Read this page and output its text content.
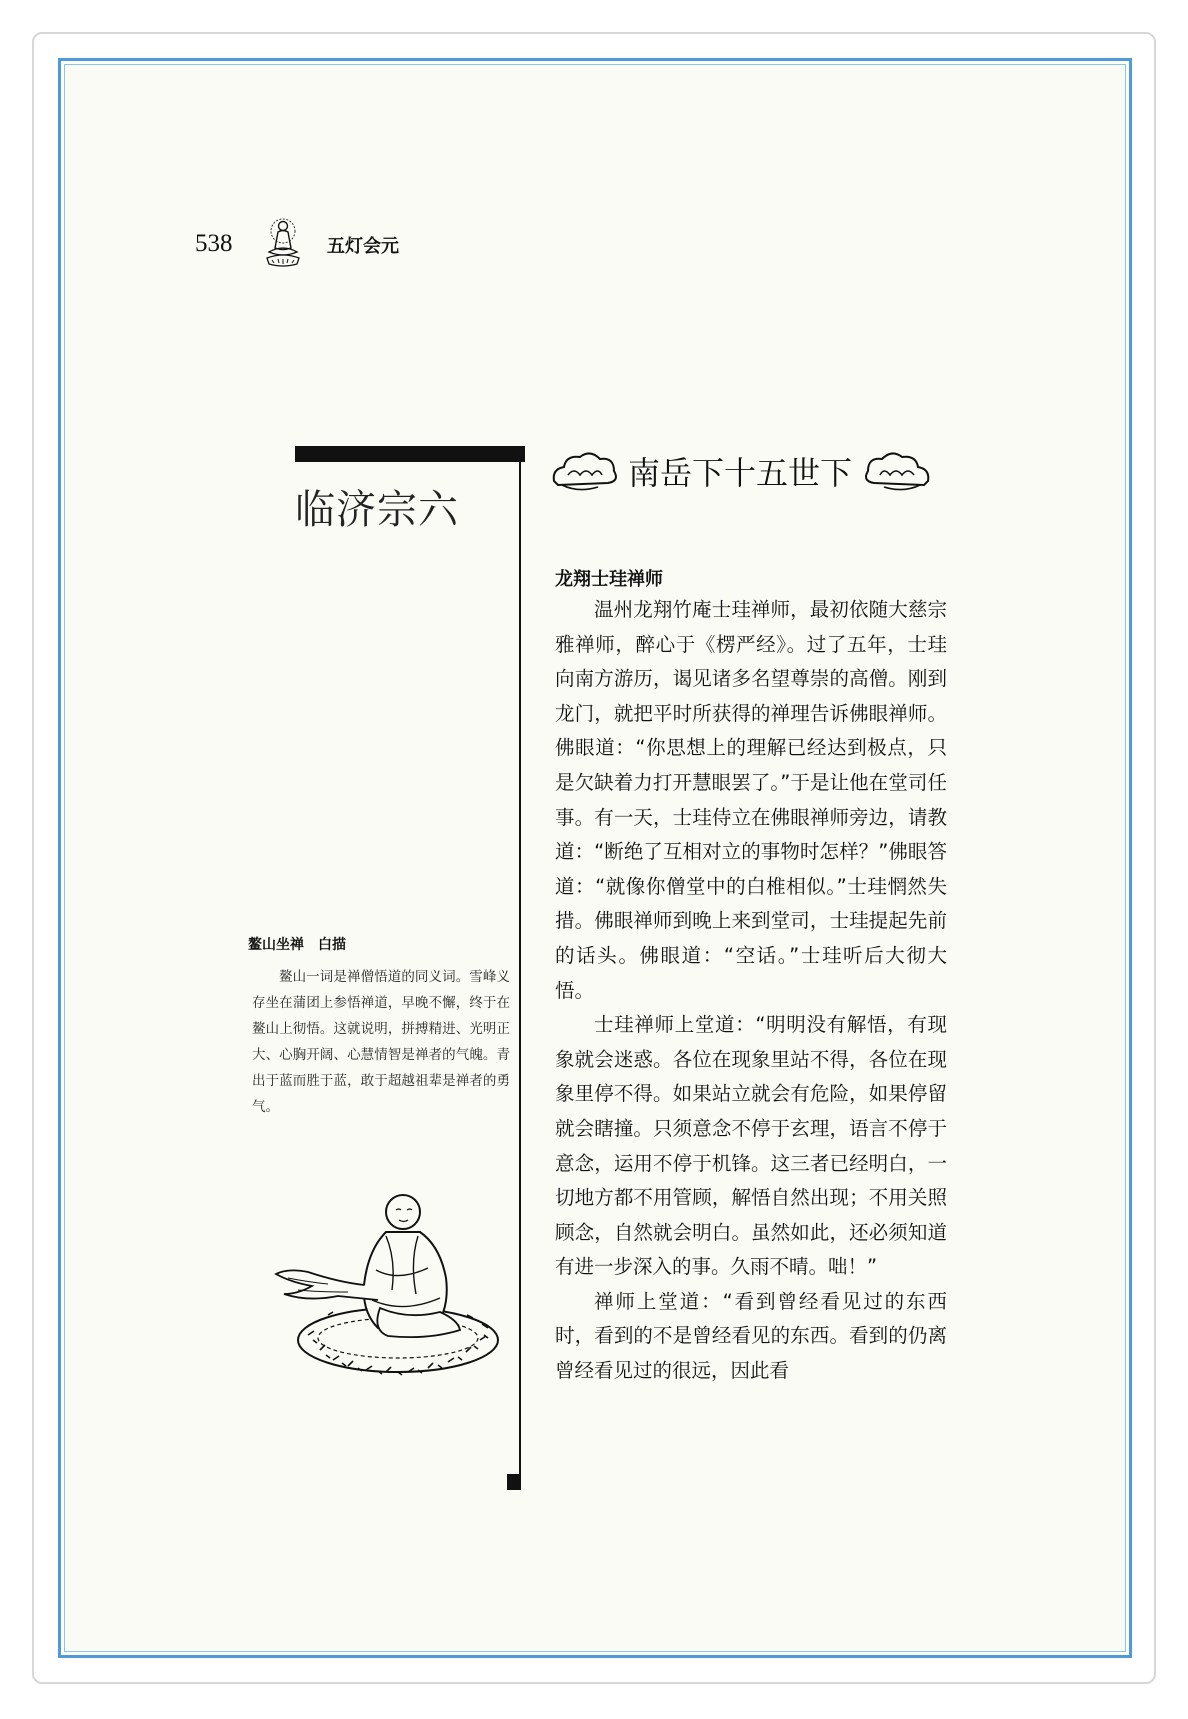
538	五灯会元
临济宗六
鳌山坐禅　白描
鳌山一词是禅僧悟道的同义词。雪峰义存坐在蒲团上参悟禅道，早晚不懈，终于在鳌山上彻悟。这就说明，拼搏精进、光明正大、心胸开阔、心慧情智是禅者的气魄。青出于蓝而胜于蓝，敢于超越祖辈是禅者的勇气。
南岳下十五世下
龙翔士珪禅师

温州龙翔竹庵士珪禅师，最初依随大慈宗雅禅师，醉心于《楞严经》。过了五年，士珪向南方游历，谒见诸多名望尊崇的高僧。刚到龙门，就把平时所获得的禅理告诉佛眼禅师。佛眼道：“你思想上的理解已经达到极点，只是欠缺着力打开慧眼罢了。”于是让他在堂司任事。有一天，士珪侍立在佛眼禅师旁边，请教道：“断绝了互相对立的事物时怎样？”佛眼答道：“就像你僧堂中的白椎相似。”士珪惘然失措。佛眼禅师到晚上来到堂司，士珪提起先前的话头。佛眼道：“空话。”士珪听后大彻大悟。

士珪禅师上堂道：“明明没有解悟，有现象就会迷惑。各位在现象里站不得，各位在现象里停不得。如果站立就会有危险，如果停留就会瞎撞。只须意念不停于玄理，语言不停于意念，运用不停于机锋。这三者已经明白，一切地方都不用管顾，解悟自然出现；不用关照顾念，自然就会明白。虽然如此，还必须知道有进一步深入的事。久雨不晴。咄！”

禅师上堂道：“看到曾经看见过的东西时，看到的不是曾经看见的东西。看到的仍离曾经看见过的很远，因此看
